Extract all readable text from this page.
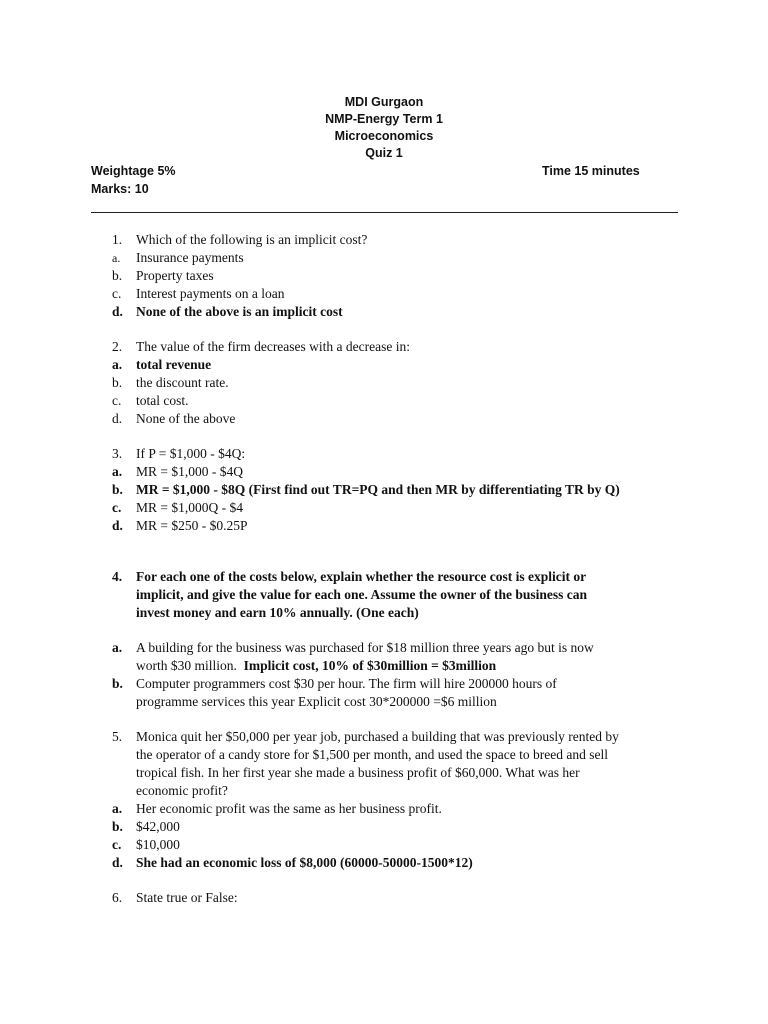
MDI Gurgaon
NMP-Energy Term 1
Microeconomics
Quiz 1
Weightage 5%
Marks: 10
Time 15 minutes
1. Which of the following is an implicit cost?
a. Insurance payments
b. Property taxes
c. Interest payments on a loan
d. None of the above is an implicit cost
2. The value of the firm decreases with a decrease in:
a. total revenue
b. the discount rate.
c. total cost.
d. None of the above
3. If P = $1,000 - $4Q:
a. MR = $1,000 - $4Q
b. MR = $1,000 - $8Q (First find out TR=PQ and then MR by differentiating TR by Q)
c. MR = $1,000Q - $4
d. MR = $250 - $0.25P
4. For each one of the costs below, explain whether the resource cost is explicit or
implicit, and give the value for each one. Assume the owner of the business can
invest money and earn 10% annually. (One each)
a. A building for the business was purchased for $18 million three years ago but is now
worth $30 million. Implicit cost, 10% of $30million = $3million
b. Computer programmers cost $30 per hour. The firm will hire 200000 hours of
programme services this year Explicit cost 30*200000 =$6 million
5. Monica quit her $50,000 per year job, purchased a building that was previously rented by
the operator of a candy store for $1,500 per month, and used the space to breed and sell
tropical fish. In her first year she made a business profit of $60,000. What was her
economic profit?
a. Her economic profit was the same as her business profit.
b. $42,000
c. $10,000
d. She had an economic loss of $8,000 (60000-50000-1500*12)
6. State true or False:
